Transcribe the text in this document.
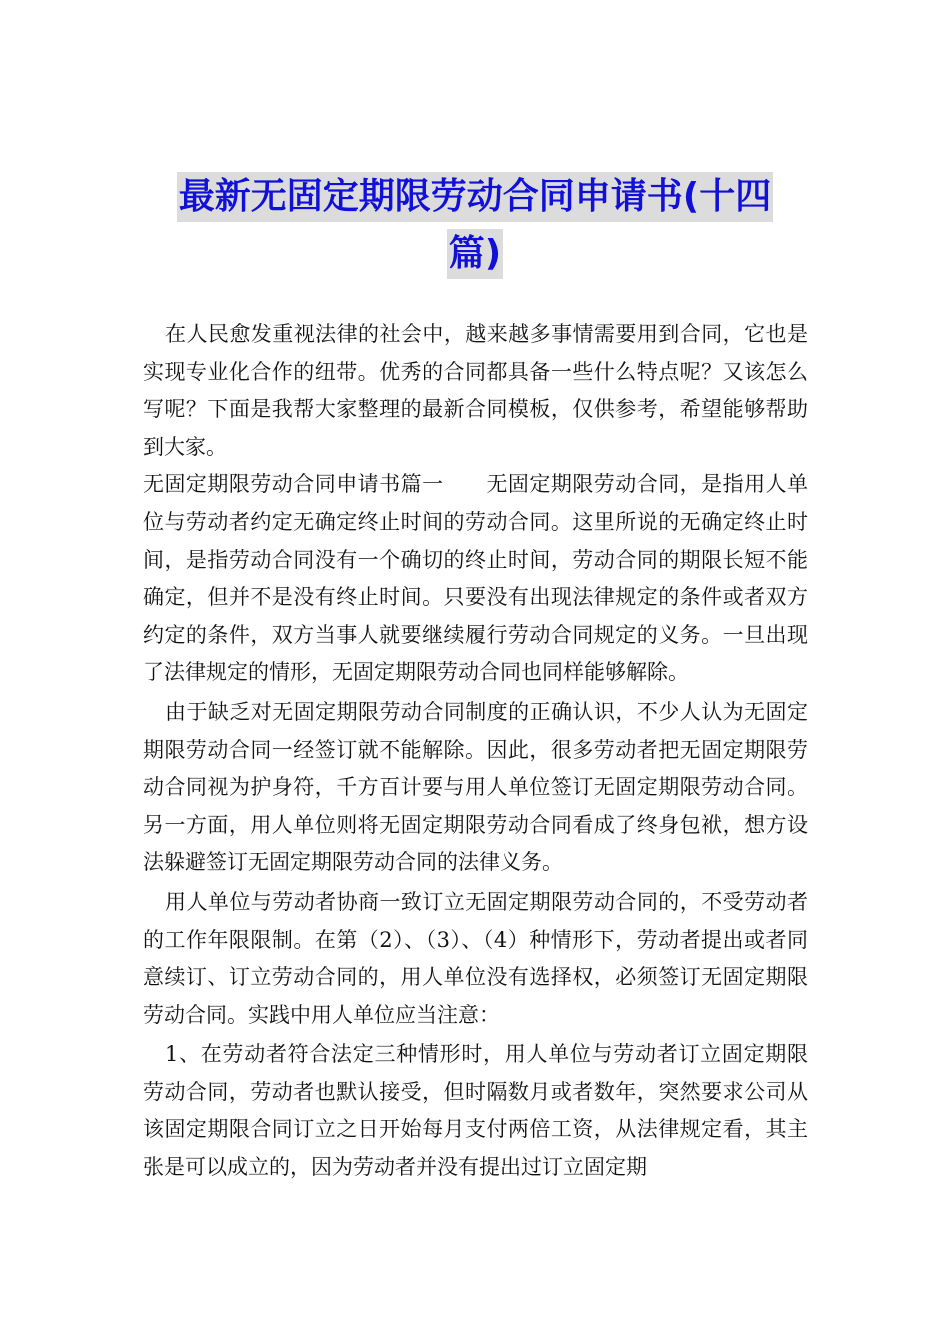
最新无固定期限劳动合同申请书(十四
篇)

在人民愈发重视法律的社会中，越来越多事情需要用到合同，它也是实现专业化合作的纽带。优秀的合同都具备一些什么特点呢？又该怎么写呢？下面是我帮大家整理的最新合同模板，仅供参考，希望能够帮助到大家。

无固定期限劳动合同申请书篇一　　无固定期限劳动合同，是指用人单位与劳动者约定无确定终止时间的劳动合同。这里所说的无确定终止时间，是指劳动合同没有一个确切的终止时间，劳动合同的期限长短不能确定，但并不是没有终止时间。只要没有出现法律规定的条件或者双方约定的条件，双方当事人就要继续履行劳动合同规定的义务。一旦出现了法律规定的情形，无固定期限劳动合同也同样能够解除。

由于缺乏对无固定期限劳动合同制度的正确认识，不少人认为无固定期限劳动合同一经签订就不能解除。因此，很多劳动者把无固定期限劳动合同视为护身符，千方百计要与用人单位签订无固定期限劳动合同。另一方面，用人单位则将无固定期限劳动合同看成了终身包袱，想方设法躲避签订无固定期限劳动合同的法律义务。

用人单位与劳动者协商一致订立无固定期限劳动合同的，不受劳动者的工作年限限制。在第（2）、（3）、（4）种情形下，劳动者提出或者同意续订、订立劳动合同的，用人单位没有选择权，必须签订无固定期限劳动合同。实践中用人单位应当注意：

1、在劳动者符合法定三种情形时，用人单位与劳动者订立固定期限劳动合同，劳动者也默认接受，但时隔数月或者数年，突然要求公司从该固定期限合同订立之日开始每月支付两倍工资，从法律规定看，其主张是可以成立的，因为劳动者并没有提出过订立固定期
